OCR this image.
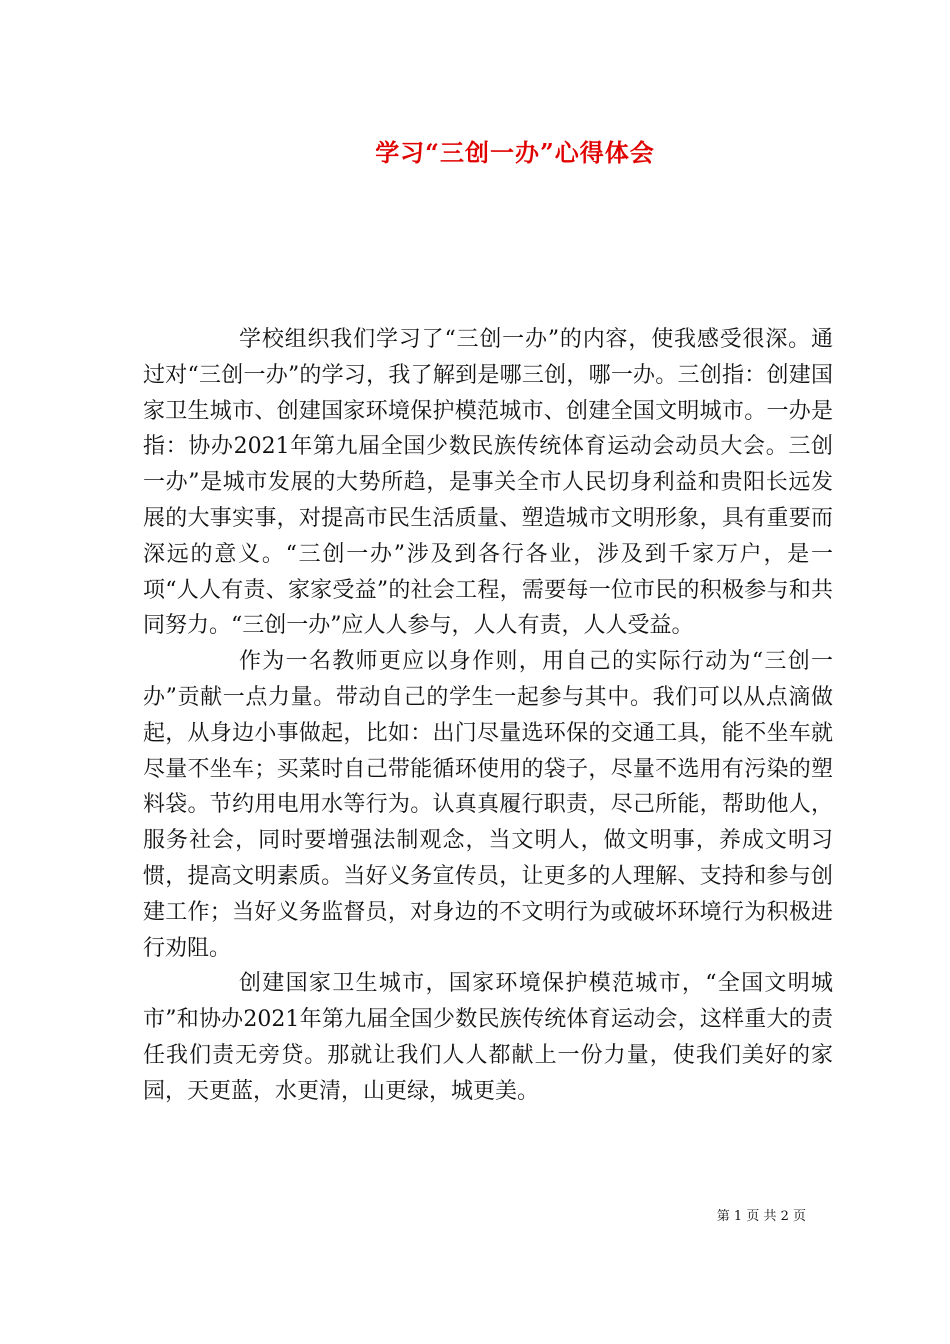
学习“三创一办”心得体会

学校组织我们学习了“三创一办”的内容，使我感受很深。通过对“三创一办”的学习，我了解到是哪三创，哪一办。三创指：创建国家卫生城市、创建国家环境保护模范城市、创建全国文明城市。一办是指：协办2021年第九届全国少数民族传统体育运动会动员大会。三创一办”是城市发展的大势所趋，是事关全市人民切身利益和贵阳长远发展的大事实事，对提高市民生活质量、塑造城市文明形象，具有重要而深远的意义。“三创一办”涉及到各行各业，涉及到千家万户，是一项“人人有责、家家受益”的社会工程，需要每一位市民的积极参与和共同努力。“三创一办”应人人参与，人人有责，人人受益。

作为一名教师更应以身作则，用自己的实际行动为“三创一办”贡献一点力量。带动自己的学生一起参与其中。我们可以从点滴做起，从身边小事做起，比如：出门尽量选环保的交通工具，能不坐车就尽量不坐车；买菜时自己带能循环使用的袋子，尽量不选用有污染的塑料袋。节约用电用水等行为。认真真履行职责，尽己所能，帮助他人，服务社会，同时要增强法制观念，当文明人，做文明事，养成文明习惯，提高文明素质。当好义务宣传员，让更多的人理解、支持和参与创建工作；当好义务监督员，对身边的不文明行为或破坏环境行为积极进行劝阻。

创建国家卫生城市，国家环境保护模范城市，“全国文明城市”和协办2021年第九届全国少数民族传统体育运动会，这样重大的责任我们责无旁贷。那就让我们人人都献上一份力量，使我们美好的家园，天更蓝，水更清，山更绿，城更美。

第 1 页 共 2 页
